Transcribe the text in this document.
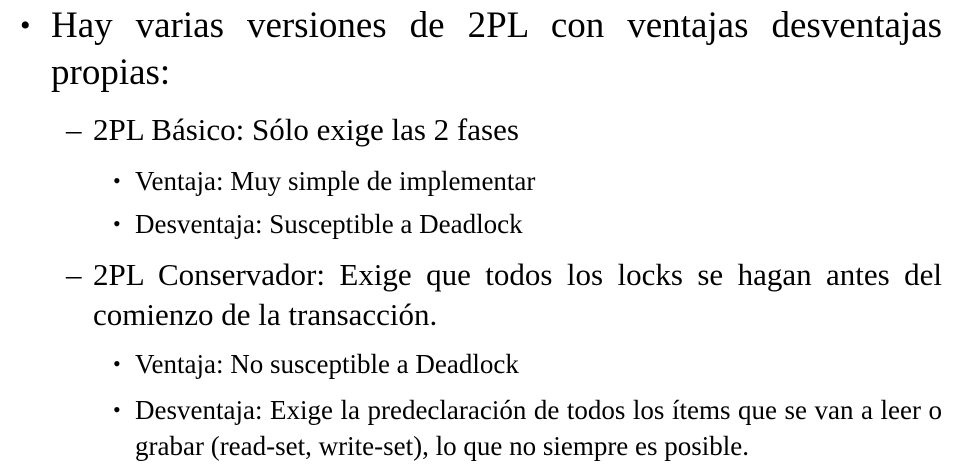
• Hay varias versiones de 2PL con ventajas desventajas propias:
– 2PL Básico: Sólo exige las 2 fases
• Ventaja: Muy simple de implementar
• Desventaja: Susceptible a Deadlock
– 2PL Conservador: Exige que todos los locks se hagan antes del comienzo de la transacción.
• Ventaja: No susceptible a Deadlock
• Desventaja: Exige la predeclaración de todos los ítems que se van a leer o grabar (read-set, write-set), lo que no siempre es posible.
